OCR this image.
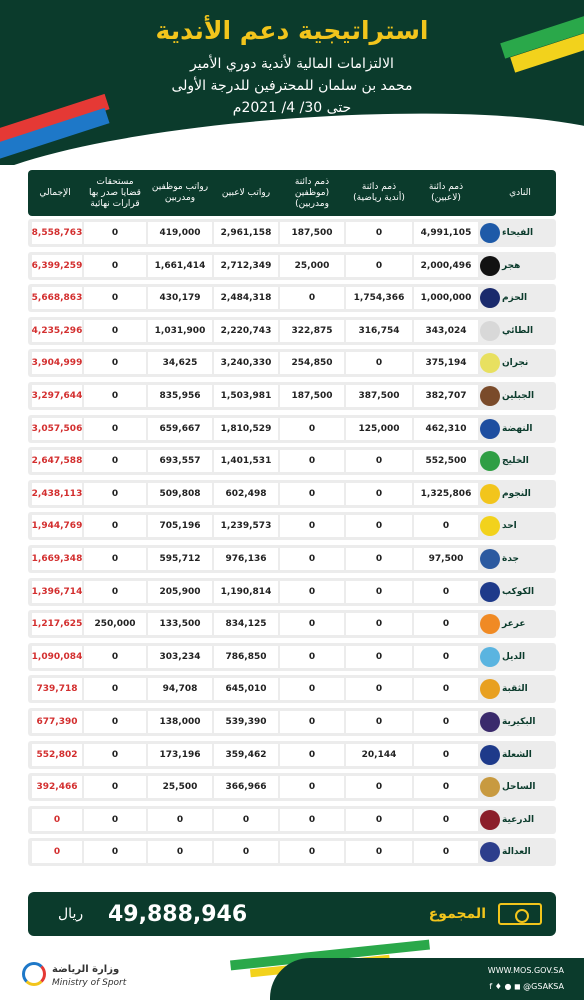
استراتيجية دعم الأندية
الالتزامات المالية لأندية دوري الأمير
محمد بن سلمان للمحترفين للدرجة الأولى
حتى 30/ 4/ 2021م
النادي
ذمم دائنة
(لاعبين)
ذمم دائنة
(أندية رياضية)
ذمم دائنة
(موظفين
ومدربين)
رواتب لاعبين
رواتب موظفين
ومدربين
مستحقات
قضايا صدر بها
قرارات نهائية
الإجمالي
الفيحاء
4,991,105
0
187,500
2,961,158
419,000
0
8,558,763
هجر
2,000,496
0
25,000
2,712,349
1,661,414
0
6,399,259
الحزم
1,000,000
1,754,366
0
2,484,318
430,179
0
5,668,863
الطائي
343,024
316,754
322,875
2,220,743
1,031,900
0
4,235,296
نجران
375,194
0
254,850
3,240,330
34,625
0
3,904,999
الجبلين
382,707
387,500
187,500
1,503,981
835,956
0
3,297,644
النهضة
462,310
125,000
0
1,810,529
659,667
0
3,057,506
الخليج
552,500
0
0
1,401,531
693,557
0
2,647,588
النجوم
1,325,806
0
0
602,498
509,808
0
2,438,113
احد
0
0
0
1,239,573
705,196
0
1,944,769
جدة
97,500
0
0
976,136
595,712
0
1,669,348
الكوكب
0
0
0
1,190,814
205,900
0
1,396,714
عرعر
0
0
0
834,125
133,500
250,000
1,217,625
الديل
0
0
0
786,850
303,234
0
1,090,084
الثقبة
0
0
0
645,010
94,708
0
739,718
البكيرية
0
0
0
539,390
138,000
0
677,390
الشعلة
0
20,144
0
359,462
173,196
0
552,802
الساحل
0
0
0
366,966
25,500
0
392,466
الدرعية
0
0
0
0
0
0
0
العدالة
0
0
0
0
0
0
0
المجموع
49,888,946
ريال
WWW.MOS.GOV.SA
f ♦ ● ◼ @GSAKSA
وزارة الرياضة
Ministry of Sport
